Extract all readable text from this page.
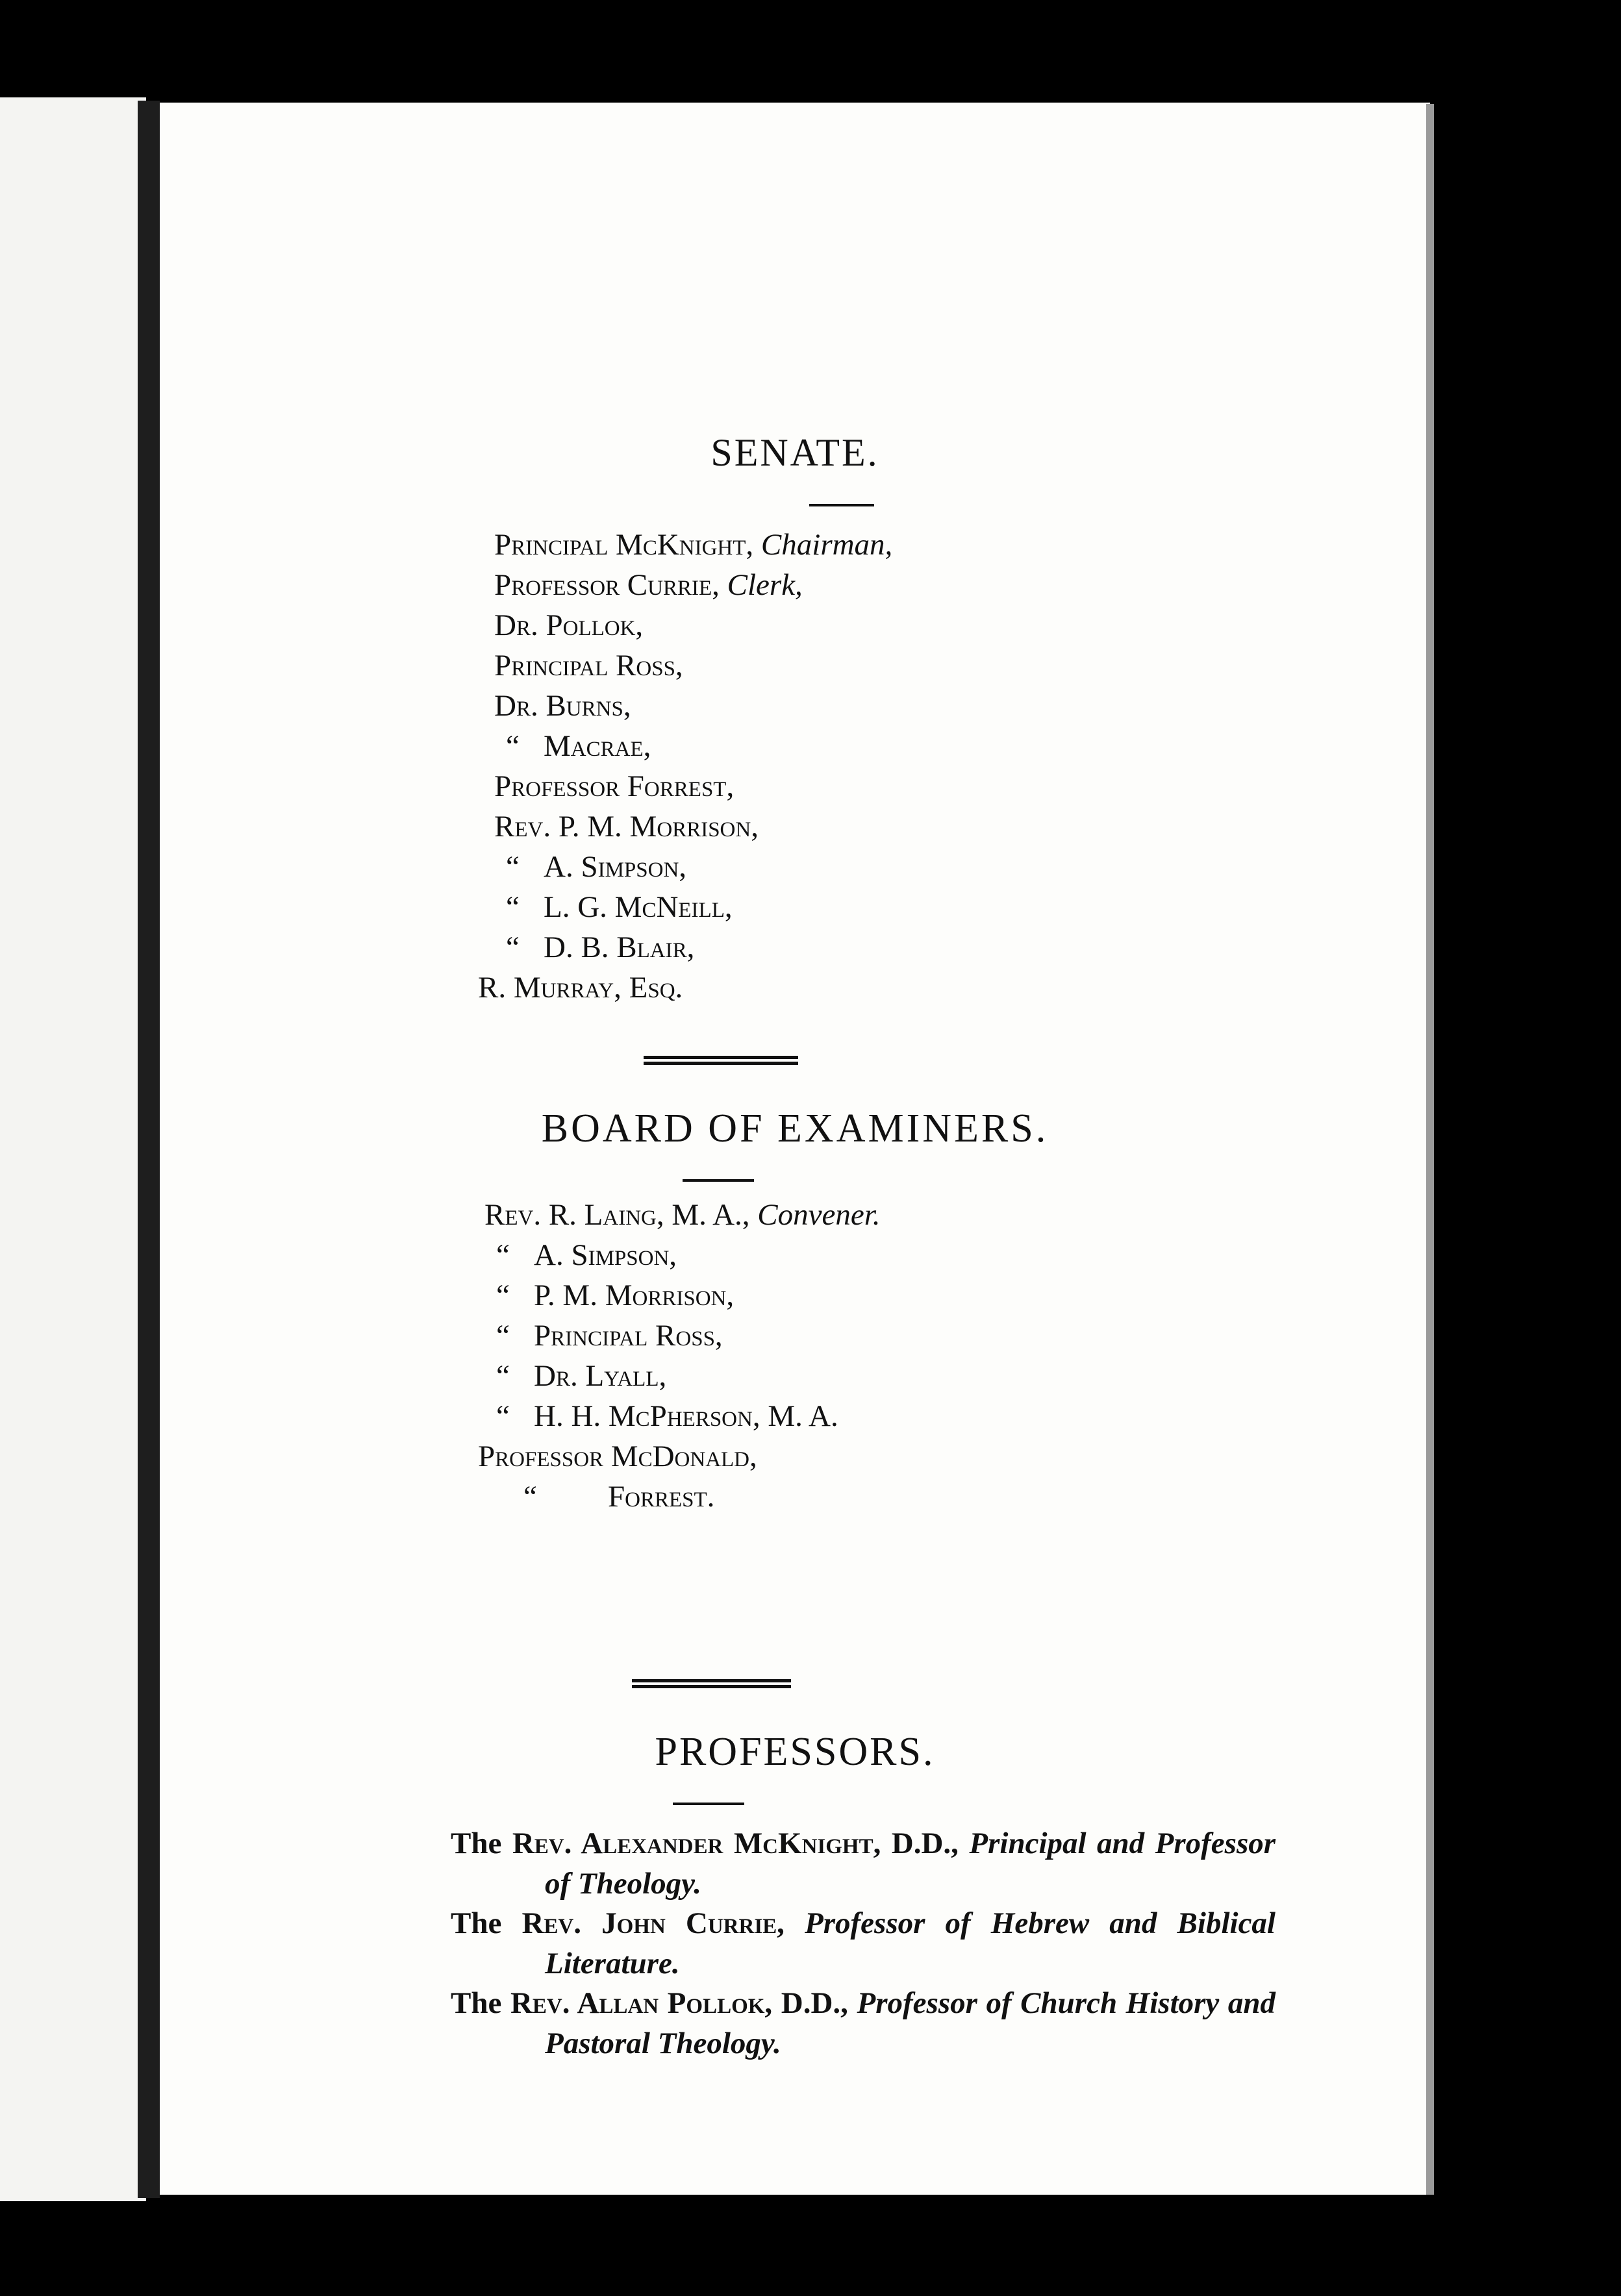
SENATE.
Principal McKnight, Chairman,
Professor Currie, Clerk,
Dr. Pollok,
Principal Ross,
Dr. Burns,
“ Macrae,
Professor Forrest,
Rev. P. M. Morrison,
“ A. Simpson,
“ L. G. McNeill,
“ D. B. Blair,
R. Murray, Esq.
BOARD OF EXAMINERS.
Rev. R. Laing, M. A., Convener.
“ A. Simpson,
“ P. M. Morrison,
“ Principal Ross,
“ Dr. Lyall,
“ H. H. McPherson, M. A.
Professor McDonald,
“ Forrest.
PROFESSORS.
The Rev. Alexander McKnight, D.D., Principal and Professor of Theology.
The Rev. John Currie, Professor of Hebrew and Biblical Literature.
The Rev. Allan Pollok, D.D., Professor of Church History and Pastoral Theology.
